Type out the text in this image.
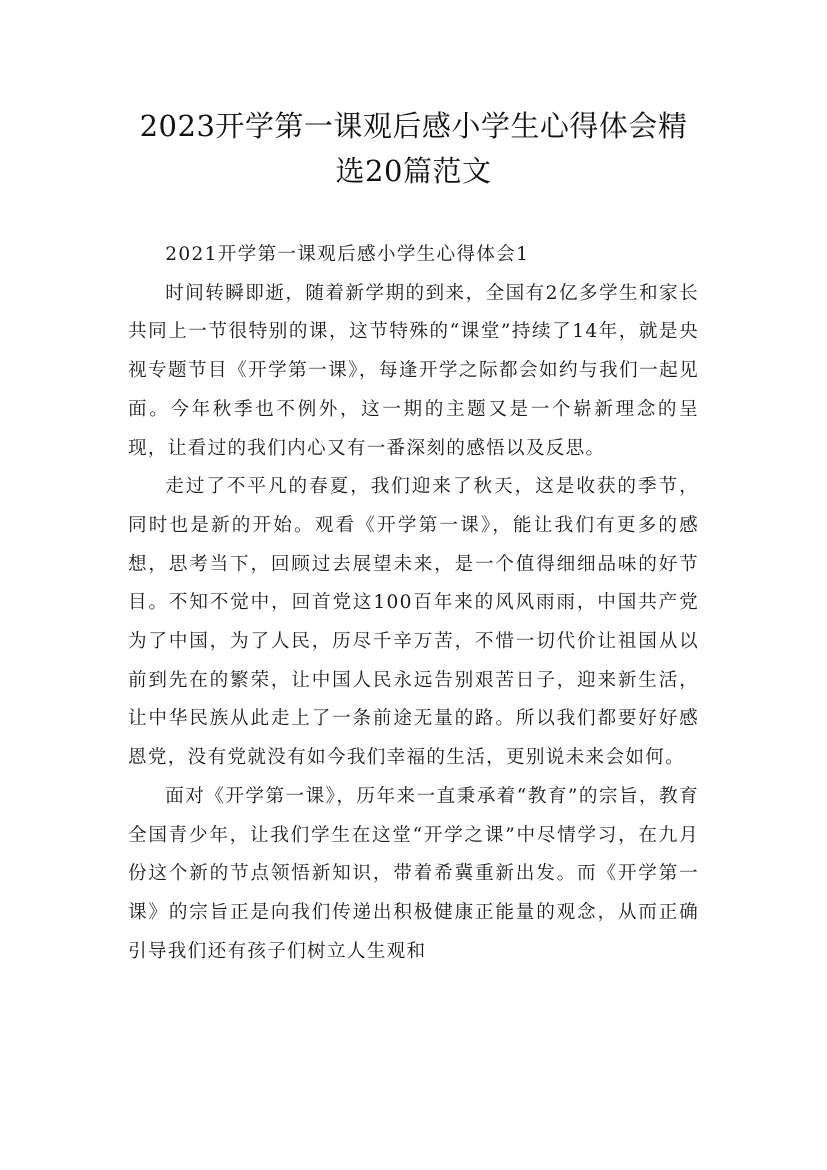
2023开学第一课观后感小学生心得体会精选20篇范文

2021开学第一课观后感小学生心得体会1

时间转瞬即逝，随着新学期的到来，全国有2亿多学生和家长共同上一节很特别的课，这节特殊的“课堂”持续了14年，就是央视专题节目《开学第一课》，每逢开学之际都会如约与我们一起见面。今年秋季也不例外，这一期的主题又是一个崭新理念的呈现，让看过的我们内心又有一番深刻的感悟以及反思。

走过了不平凡的春夏，我们迎来了秋天，这是收获的季节，同时也是新的开始。观看《开学第一课》，能让我们有更多的感想，思考当下，回顾过去展望未来，是一个值得细细品味的好节目。不知不觉中，回首党这100百年来的风风雨雨，中国共产党为了中国，为了人民，历尽千辛万苦，不惜一切代价让祖国从以前到先在的繁荣，让中国人民永远告别艰苦日子，迎来新生活，让中华民族从此走上了一条前途无量的路。所以我们都要好好感恩党，没有党就没有如今我们幸福的生活，更别说未来会如何。

面对《开学第一课》，历年来一直秉承着“教育”的宗旨，教育全国青少年，让我们学生在这堂“开学之课”中尽情学习，在九月份这个新的节点领悟新知识，带着希冀重新出发。而《开学第一课》的宗旨正是向我们传递出积极健康正能量的观念，从而正确引导我们还有孩子们树立人生观和
